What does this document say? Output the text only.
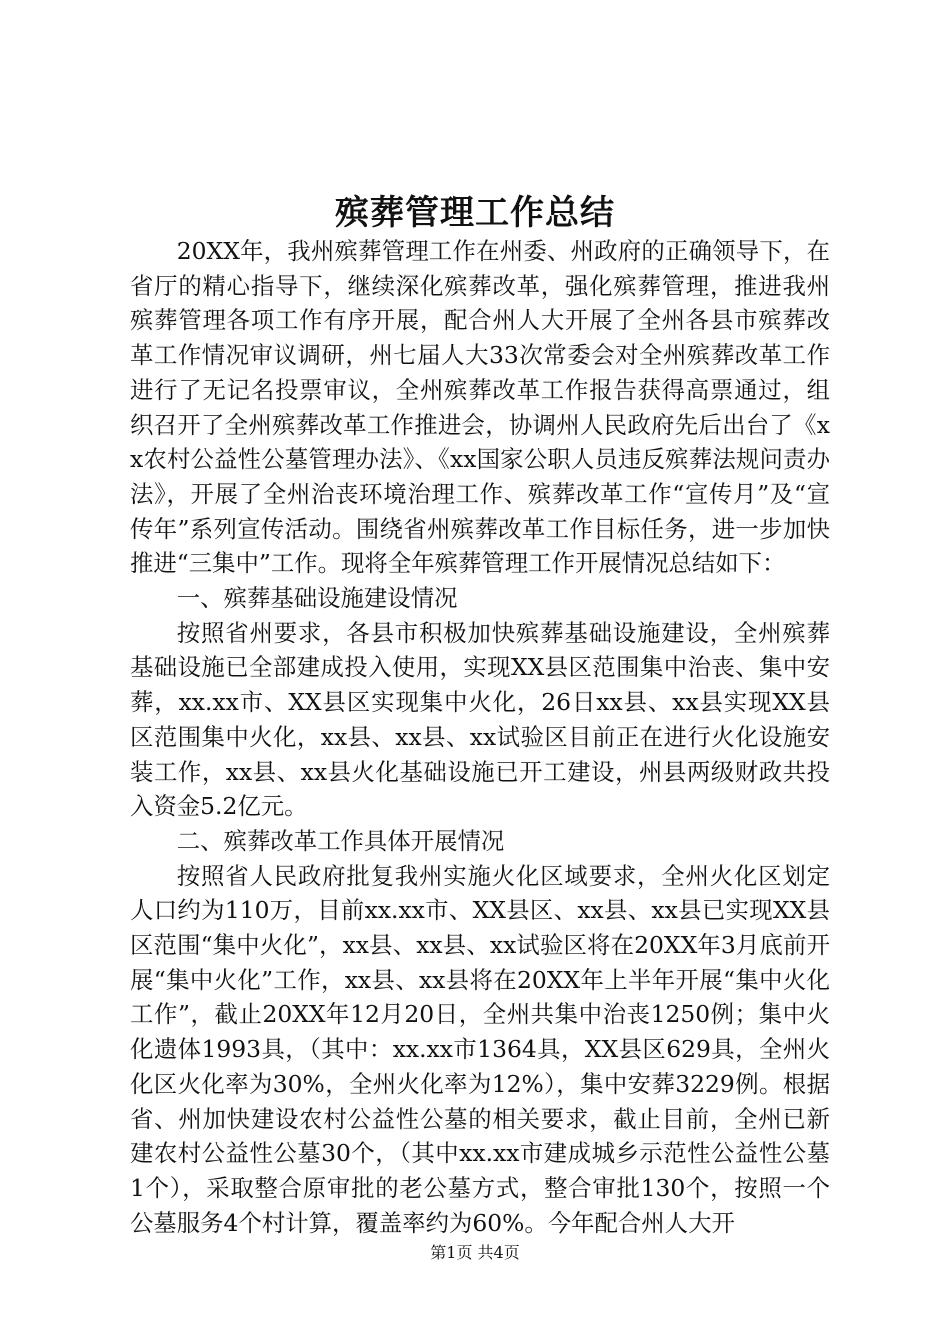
殡葬管理工作总结

20XX年，我州殡葬管理工作在州委、州政府的正确领导下，在省厅的精心指导下，继续深化殡葬改革，强化殡葬管理，推进我州殡葬管理各项工作有序开展，配合州人大开展了全州各县市殡葬改革工作情况审议调研，州七届人大33次常委会对全州殡葬改革工作进行了无记名投票审议，全州殡葬改革工作报告获得高票通过，组织召开了全州殡葬改革工作推进会，协调州人民政府先后出台了《xx农村公益性公墓管理办法》、《xx国家公职人员违反殡葬法规问责办法》，开展了全州治丧环境治理工作、殡葬改革工作“宣传月”及“宣传年”系列宣传活动。围绕省州殡葬改革工作目标任务，进一步加快推进“三集中”工作。现将全年殡葬管理工作开展情况总结如下：

一、殡葬基础设施建设情况

按照省州要求，各县市积极加快殡葬基础设施建设，全州殡葬基础设施已全部建成投入使用，实现XX县区范围集中治丧、集中安葬，xx.xx市、XX县区实现集中火化，26日xx县、xx县实现XX县区范围集中火化，xx县、xx县、xx试验区目前正在进行火化设施安装工作，xx县、xx县火化基础设施已开工建设，州县两级财政共投入资金5.2亿元。

二、殡葬改革工作具体开展情况

按照省人民政府批复我州实施火化区域要求，全州火化区划定人口约为110万，目前xx.xx市、XX县区、xx县、xx县已实现XX县区范围“集中火化”，xx县、xx县、xx试验区将在20XX年3月底前开展“集中火化”工作，xx县、xx县将在20XX年上半年开展“集中火化工作”，截止20XX年12月20日，全州共集中治丧1250例；集中火化遗体1993具，（其中：xx.xx市1364具，XX县区629具，全州火化区火化率为30%，全州火化率为12%），集中安葬3229例。根据省、州加快建设农村公益性公墓的相关要求，截止目前，全州已新建农村公益性公墓30个，（其中xx.xx市建成城乡示范性公益性公墓1个），采取整合原审批的老公墓方式，整合审批130个，按照一个公墓服务4个村计算，覆盖率约为60%。今年配合州人大开

第1页 共4页
